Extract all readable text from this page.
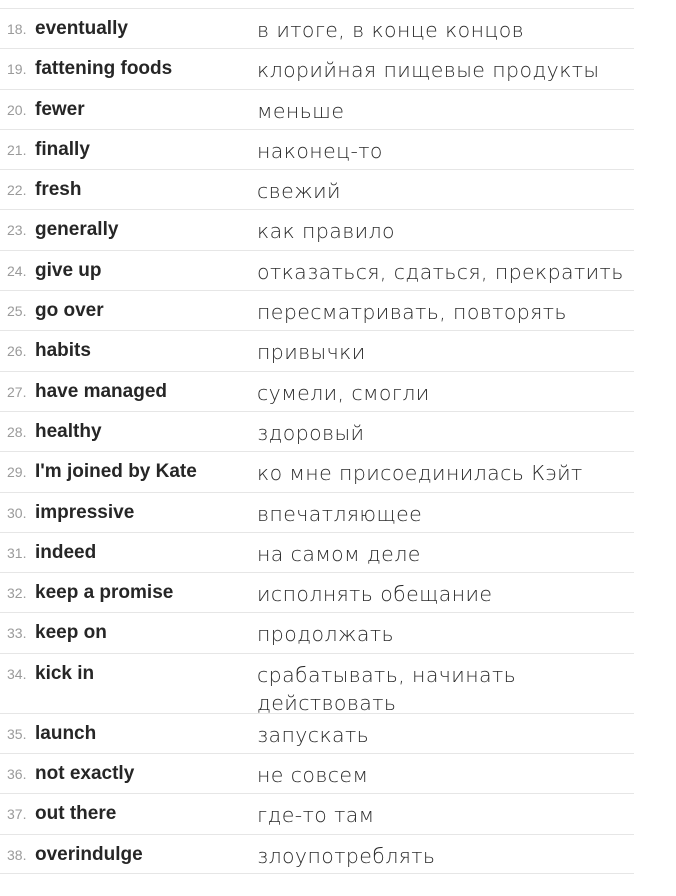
18. eventually	в итоге, в конце концов
19. fattening foods	клорийная пищевые продукты
20. fewer	меньше
21. finally	наконец-то
22. fresh	свежий
23. generally	как правило
24. give up	отказаться, сдаться, прекратить
25. go over	пересматривать, повторять
26. habits	привычки
27. have managed	сумели, смогли
28. healthy	здоровый
29. I'm joined by Kate	ко мне присоединилась Кэйт
30. impressive	впечатляющее
31. indeed	на самом деле
32. keep a promise	исполнять обещание
33. keep on	продолжать
34. kick in	срабатывать, начинать действовать
35. launch	запускать
36. not exactly	не совсем
37. out there	где-то там
38. overindulge	злоупотреблять
